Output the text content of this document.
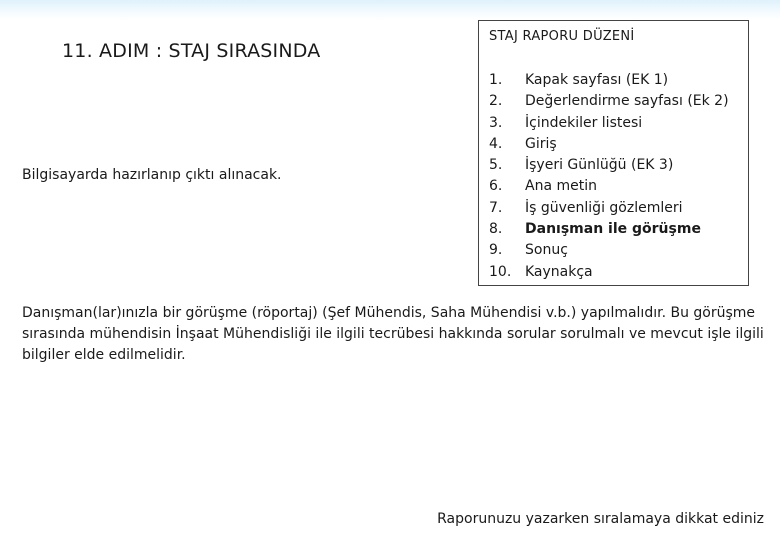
11. ADIM : STAJ SIRASINDA
Bilgisayarda hazırlanıp çıktı alınacak.
STAJ RAPORU DÜZENİ
1.	Kapak sayfası (EK 1)
2.	Değerlendirme sayfası (Ek 2)
3.	İçindekiler listesi
4.	Giriş
5.	İşyeri Günlüğü (EK 3)
6.	Ana metin
7.	İş güvenliği gözlemleri
8.	Danışman ile görüşme
9.	Sonuç
10. Kaynakça
Danışman(lar)ınızla bir görüşme (röportaj) (Şef Mühendis, Saha Mühendisi v.b.) yapılmalıdır. Bu görüşme sırasında mühendisin İnşaat Mühendisliği ile ilgili tecrübesi hakkında sorular sorulmalı ve mevcut işle ilgili bilgiler elde edilmelidir.
Raporunuzu yazarken sıralamaya dikkat ediniz
